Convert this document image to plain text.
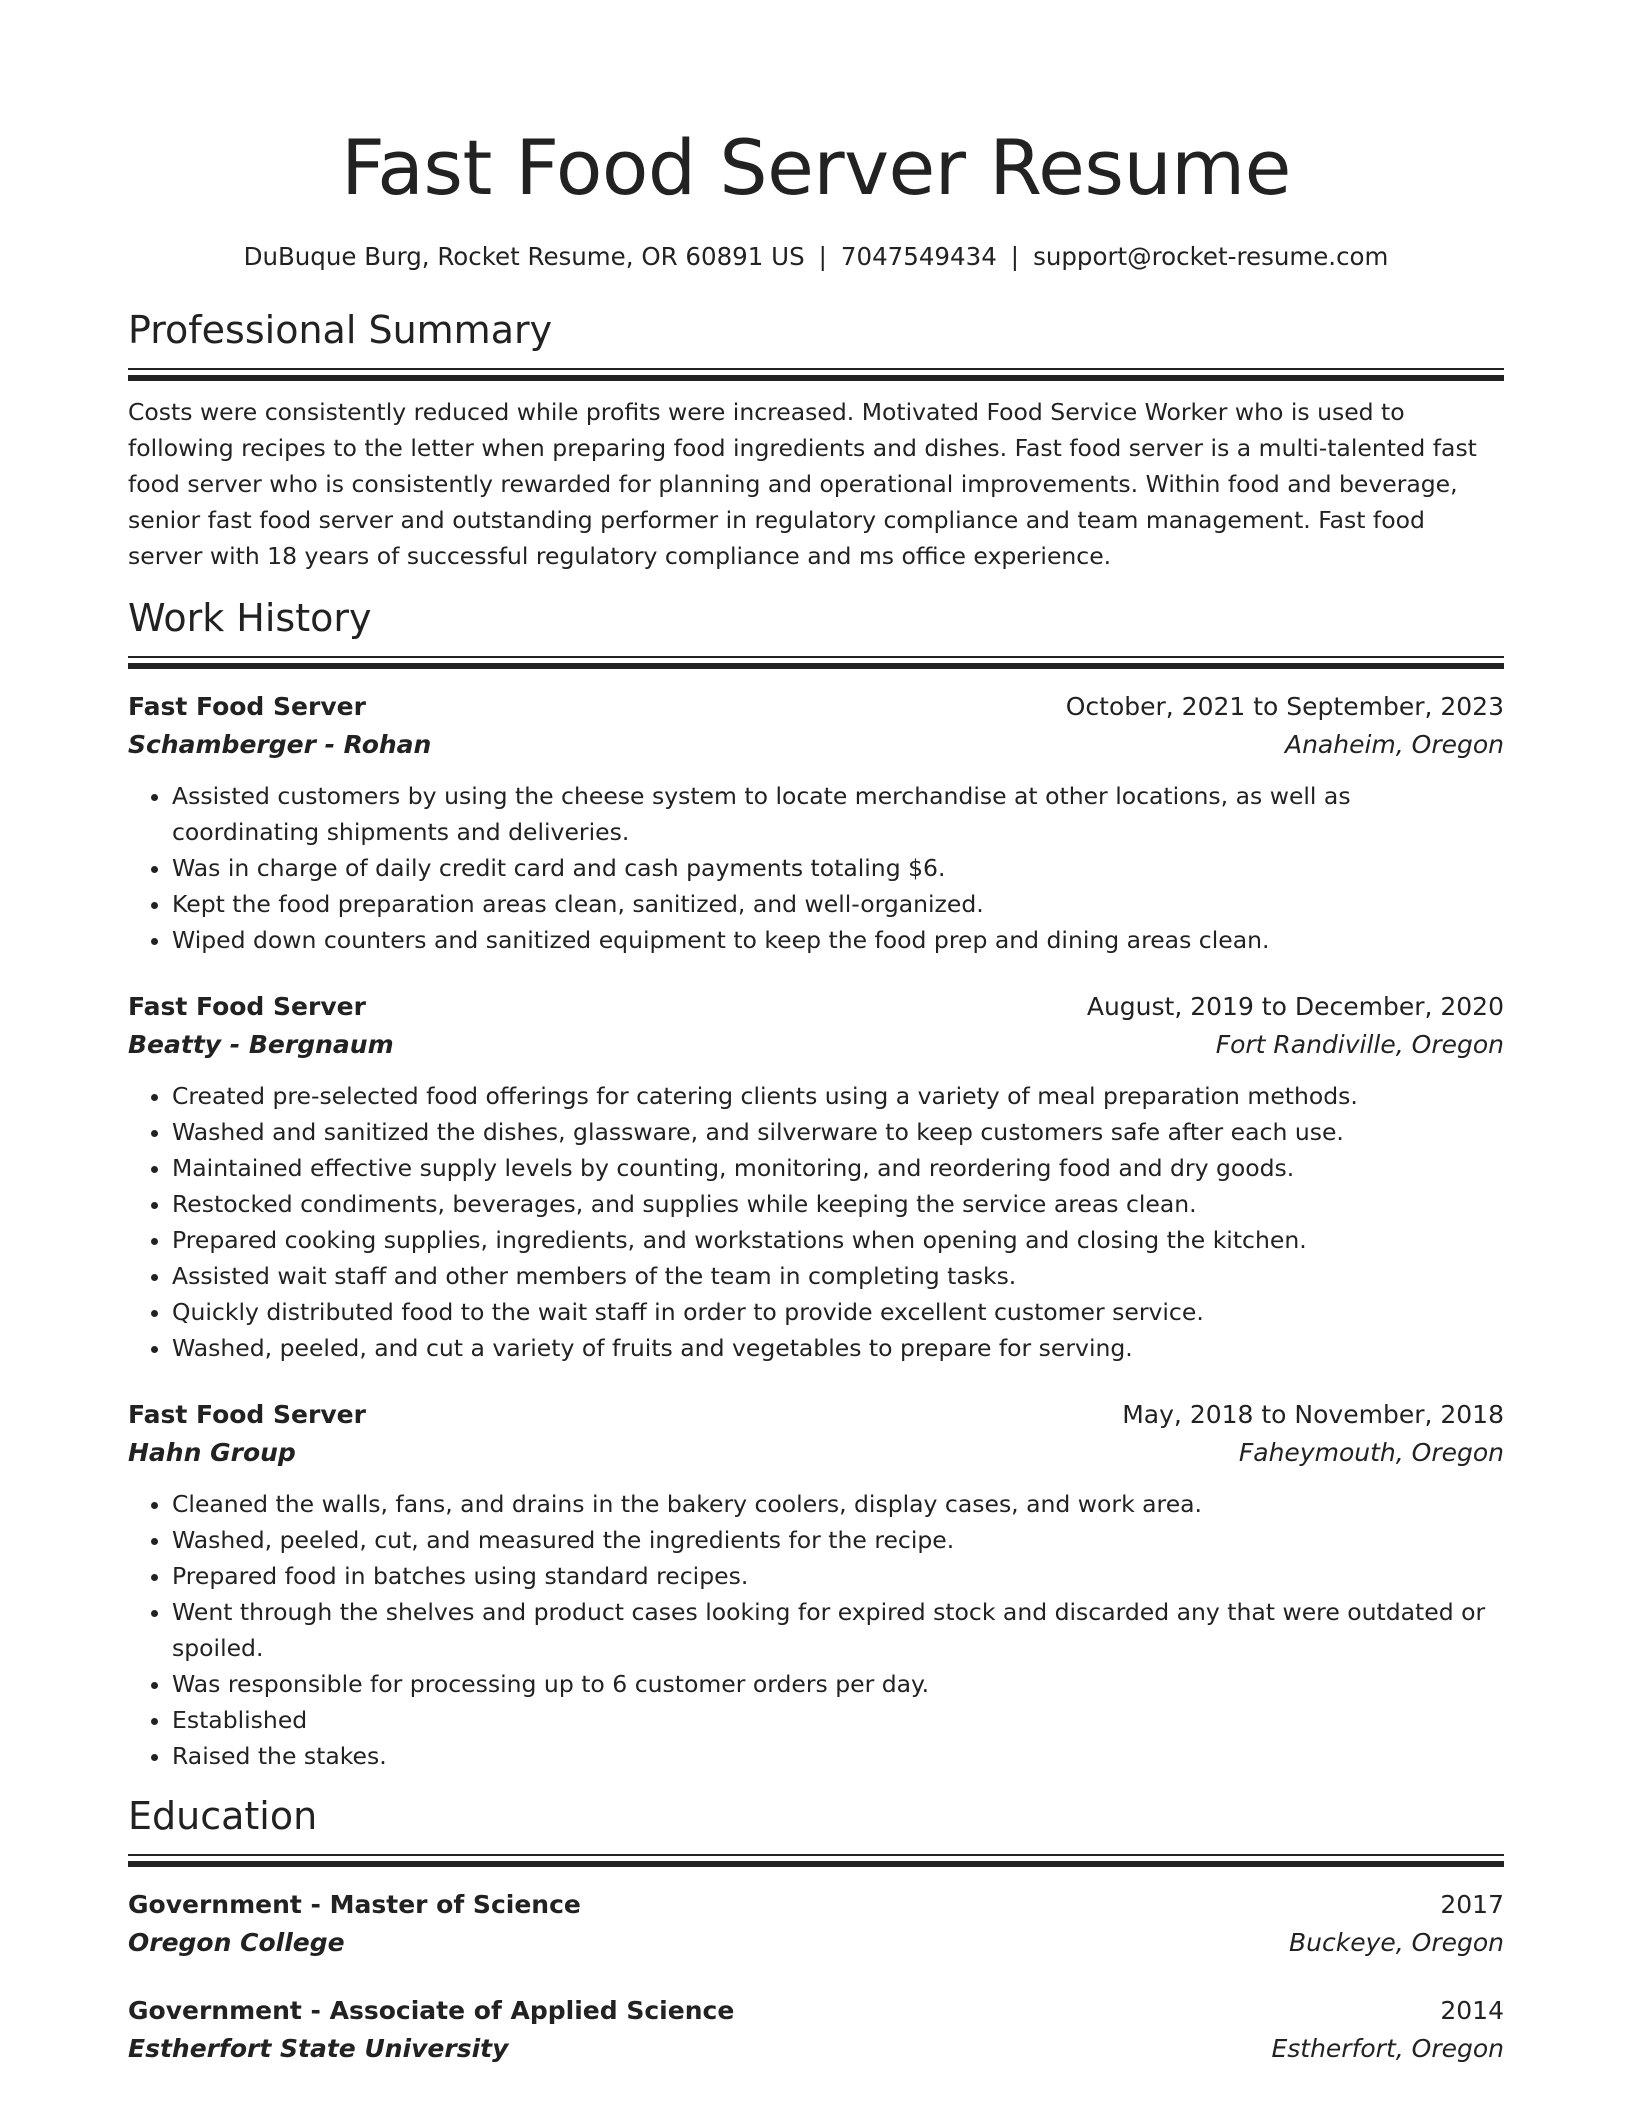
Fast Food Server Resume
DuBuque Burg, Rocket Resume, OR 60891 US | 7047549434 | support@rocket-resume.com
Professional Summary
Costs were consistently reduced while profits were increased. Motivated Food Service Worker who is used to following recipes to the letter when preparing food ingredients and dishes. Fast food server is a multi-talented fast food server who is consistently rewarded for planning and operational improvements. Within food and beverage, senior fast food server and outstanding performer in regulatory compliance and team management. Fast food server with 18 years of successful regulatory compliance and ms office experience.
Work History
Fast Food Server	October, 2021 to September, 2023
Schamberger - Rohan	Anaheim, Oregon
• Assisted customers by using the cheese system to locate merchandise at other locations, as well as coordinating shipments and deliveries.
• Was in charge of daily credit card and cash payments totaling $6.
• Kept the food preparation areas clean, sanitized, and well-organized.
• Wiped down counters and sanitized equipment to keep the food prep and dining areas clean.
Fast Food Server	August, 2019 to December, 2020
Beatty - Bergnaum	Fort Randiville, Oregon
• Created pre-selected food offerings for catering clients using a variety of meal preparation methods.
• Washed and sanitized the dishes, glassware, and silverware to keep customers safe after each use.
• Maintained effective supply levels by counting, monitoring, and reordering food and dry goods.
• Restocked condiments, beverages, and supplies while keeping the service areas clean.
• Prepared cooking supplies, ingredients, and workstations when opening and closing the kitchen.
• Assisted wait staff and other members of the team in completing tasks.
• Quickly distributed food to the wait staff in order to provide excellent customer service.
• Washed, peeled, and cut a variety of fruits and vegetables to prepare for serving.
Fast Food Server	May, 2018 to November, 2018
Hahn Group	Faheymouth, Oregon
• Cleaned the walls, fans, and drains in the bakery coolers, display cases, and work area.
• Washed, peeled, cut, and measured the ingredients for the recipe.
• Prepared food in batches using standard recipes.
• Went through the shelves and product cases looking for expired stock and discarded any that were outdated or spoiled.
• Was responsible for processing up to 6 customer orders per day.
• Established
• Raised the stakes.
Education
Government - Master of Science	2017
Oregon College	Buckeye, Oregon
Government - Associate of Applied Science	2014
Estherfort State University	Estherfort, Oregon
